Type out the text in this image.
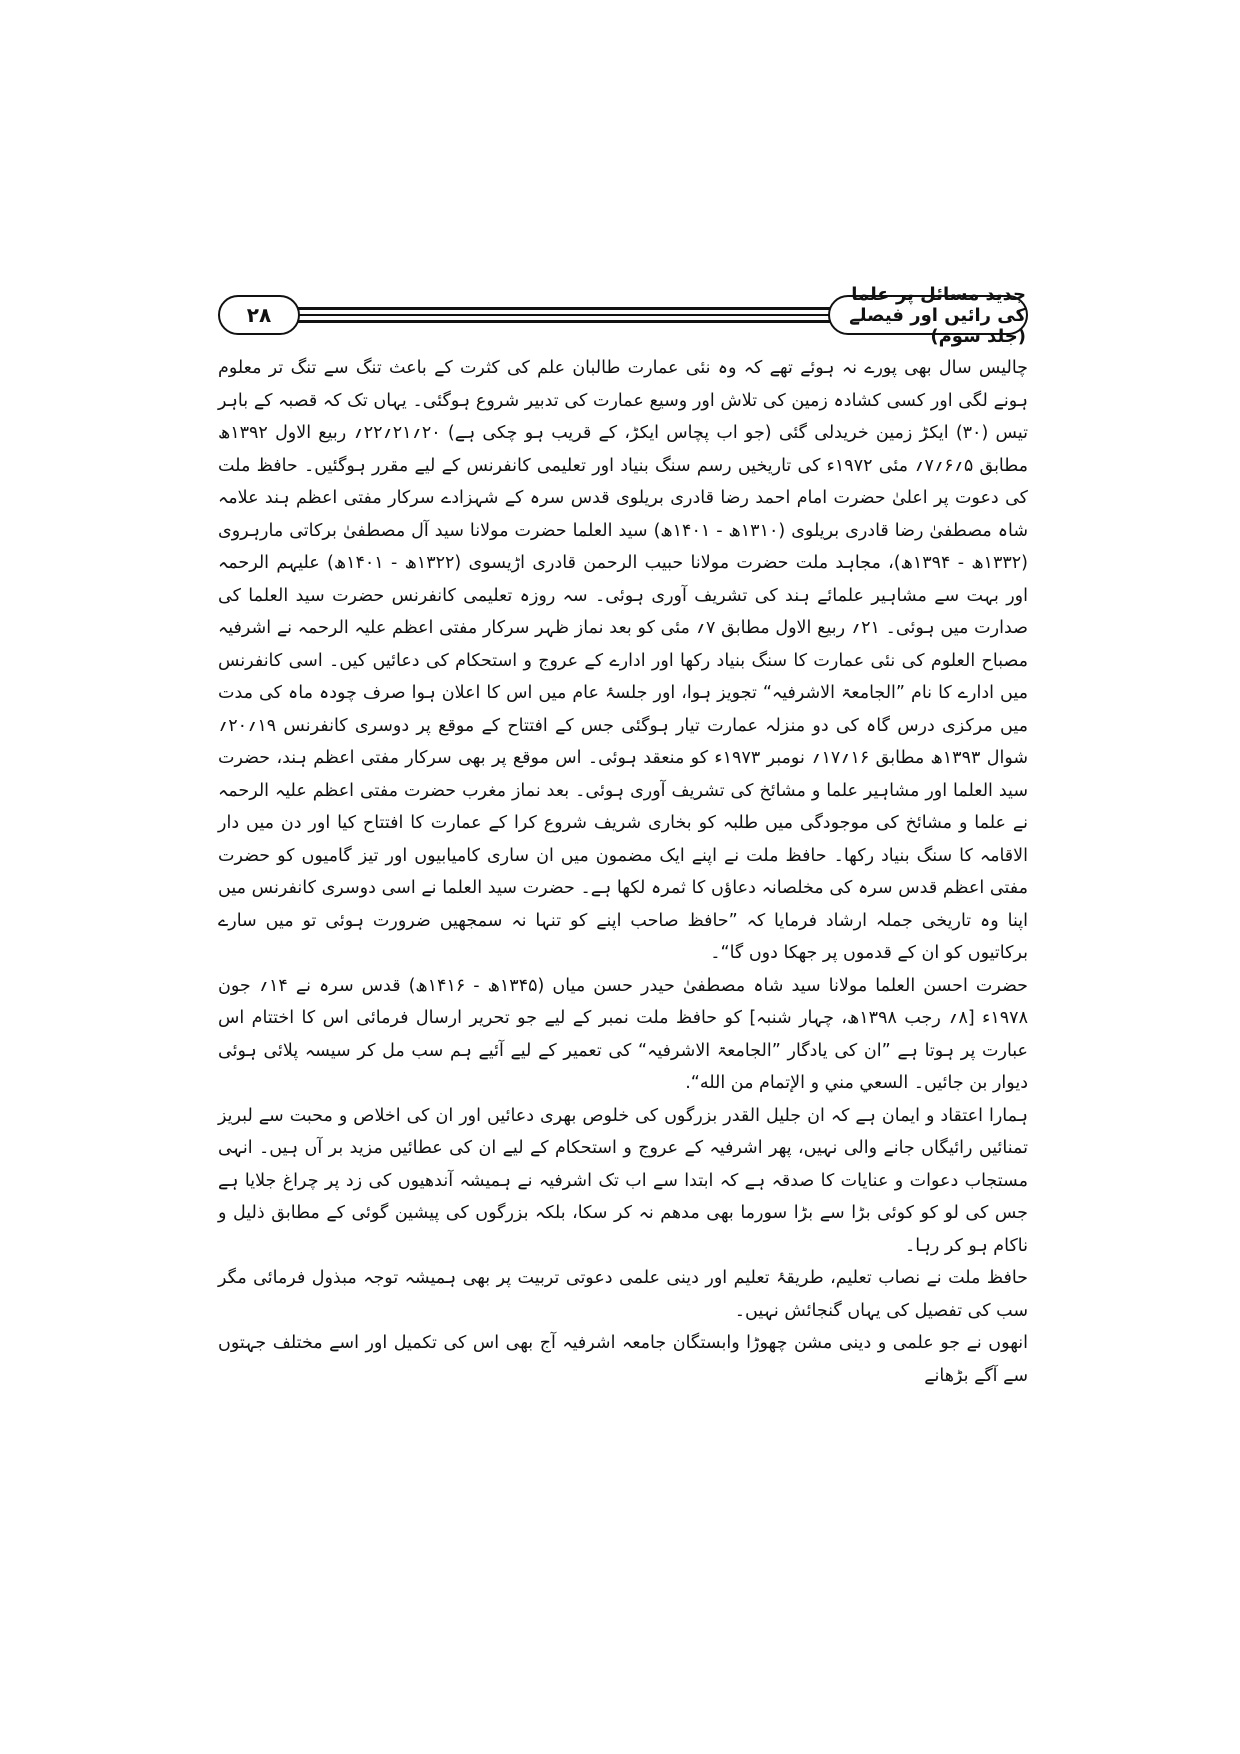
۲۸
جدید مسائل پر علما کی رائیں اور فیصلے (جلد سوم)

چالیس سال بھی پورے نہ ہوئے تھے کہ وہ نئی عمارت طالبان علم کی کثرت کے باعث تنگ سے تنگ تر معلوم ہونے لگی اور کسی کشادہ زمین کی تلاش اور وسیع عمارت کی تدبیر شروع ہوگئی۔ یہاں تک کہ قصبہ کے باہر تیس (۳۰) ایکڑ زمین خریدلی گئی (جو اب پچاس ایکڑ، کے قریب ہو چکی ہے) ۲۰؍۲۱؍۲۲؍ ربیع الاول ۱۳۹۲ھ مطابق ۵؍۶؍۷؍ مئی ۱۹۷۲ء کی تاریخیں رسم سنگ بنیاد اور تعلیمی کانفرنس کے لیے مقرر ہوگئیں۔ حافظ ملت کی دعوت پر اعلیٰ حضرت امام احمد رضا قادری بریلوی قدس سرہ کے شہزادے سرکار مفتی اعظم ہند علامہ شاہ مصطفیٰ رضا قادری بریلوی (۱۳۱۰ھ - ۱۴۰۱ھ) سید العلما حضرت مولانا سید آل مصطفیٰ برکاتی مارہروی (۱۳۳۲ھ - ۱۳۹۴ھ)، مجاہد ملت حضرت مولانا حبیب الرحمن قادری اڑیسوی (۱۳۲۲ھ - ۱۴۰۱ھ) علیہم الرحمہ اور بہت سے مشاہیر علمائے ہند کی تشریف آوری ہوئی۔ سہ روزہ تعلیمی کانفرنس حضرت سید العلما کی صدارت میں ہوئی۔ ۲۱؍ ربیع الاول مطابق ۷؍ مئی کو بعد نماز ظہر سرکار مفتی اعظم علیہ الرحمہ نے اشرفیہ مصباح العلوم کی نئی عمارت کا سنگ بنیاد رکھا اور ادارے کے عروج و استحکام کی دعائیں کیں۔ اسی کانفرنس میں ادارے کا نام ”الجامعۃ الاشرفیہ“ تجویز ہوا، اور جلسۂ عام میں اس کا اعلان ہوا صرف چودہ ماہ کی مدت میں مرکزی درس گاہ کی دو منزلہ عمارت تیار ہوگئی جس کے افتتاح کے موقع پر دوسری کانفرنس ۱۹؍۲۰؍ شوال ۱۳۹۳ھ مطابق ۱۶؍۱۷؍ نومبر ۱۹۷۳ء کو منعقد ہوئی۔ اس موقع پر بھی سرکار مفتی اعظم ہند، حضرت سید العلما اور مشاہیر علما و مشائخ کی تشریف آوری ہوئی۔ بعد نماز مغرب حضرت مفتی اعظم علیہ الرحمہ نے علما و مشائخ کی موجودگی میں طلبہ کو بخاری شریف شروع کرا کے عمارت کا افتتاح کیا اور دن میں دار الاقامہ کا سنگ بنیاد رکھا۔ حافظ ملت نے اپنے ایک مضمون میں ان ساری کامیابیوں اور تیز گامیوں کو حضرت مفتی اعظم قدس سرہ کی مخلصانہ دعاؤں کا ثمرہ لکھا ہے۔ حضرت سید العلما نے اسی دوسری کانفرنس میں اپنا وہ تاریخی جملہ ارشاد فرمایا کہ ”حافظ صاحب اپنے کو تنہا نہ سمجھیں ضرورت ہوئی تو میں سارے برکاتیوں کو ان کے قدموں پر جھکا دوں گا“۔

حضرت احسن العلما مولانا سید شاہ مصطفیٰ حیدر حسن میاں (۱۳۴۵ھ - ۱۴۱۶ھ) قدس سرہ نے ۱۴؍ جون ۱۹۷۸ء [۸؍ رجب ۱۳۹۸ھ، چہار شنبہ] کو حافظ ملت نمبر کے لیے جو تحریر ارسال فرمائی اس کا اختتام اس عبارت پر ہوتا ہے ”ان کی یادگار ”الجامعۃ الاشرفیہ“ کی تعمیر کے لیے آئیے ہم سب مل کر سیسہ پلائی ہوئی دیوار بن جائیں۔ السعي مني و الإتمام من الله“.

ہمارا اعتقاد و ایمان ہے کہ ان جلیل القدر بزرگوں کی خلوص بھری دعائیں اور ان کی اخلاص و محبت سے لبریز تمنائیں رائیگاں جانے والی نہیں، پھر اشرفیہ کے عروج و استحکام کے لیے ان کی عطائیں مزید بر آں ہیں۔ انہی مستجاب دعوات و عنایات کا صدقہ ہے کہ ابتدا سے اب تک اشرفیہ نے ہمیشہ آندھیوں کی زد پر چراغ جلایا ہے جس کی لو کو کوئی بڑا سے بڑا سورما بھی مدھم نہ کر سکا، بلکہ بزرگوں کی پیشین گوئی کے مطابق ذلیل و ناکام ہو کر رہا۔

حافظ ملت نے نصاب تعلیم، طریقۂ تعلیم اور دینی علمی دعوتی تربیت پر بھی ہمیشہ توجہ مبذول فرمائی مگر سب کی تفصیل کی یہاں گنجائش نہیں۔

انھوں نے جو علمی و دینی مشن چھوڑا وابستگان جامعہ اشرفیہ آج بھی اس کی تکمیل اور اسے مختلف جہتوں سے آگے بڑھانے
